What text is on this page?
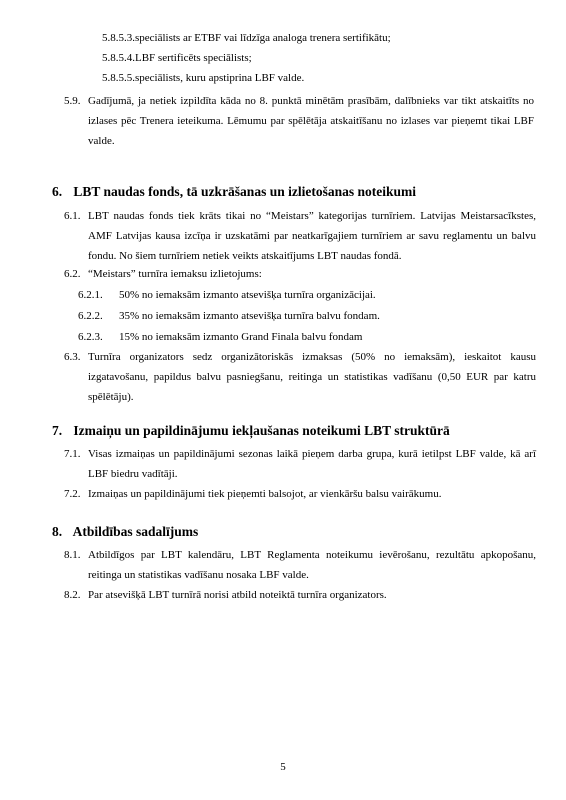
5.8.5.3.speciālists ar ETBF vai līdzīga analoga trenera sertifikātu;
5.8.5.4.LBF sertificēts speciālists;
5.8.5.5.speciālists, kuru apstiprina LBF valde.
5.9. Gadījumā, ja netiek izpildīta kāda no 8. punktā minētām prasībām, dalībnieks var tikt atskaitīts no izlases pēc Trenera ieteikuma. Lēmumu par spēlētāja atskaitīšanu no izlases var pieņemt tikai LBF valde.
6. LBT naudas fonds, tā uzkrāšanas un izlietošanas noteikumi
6.1. LBT naudas fonds tiek krāts tikai no “Meistars” kategorijas turnīriem. Latvijas Meistarsacīkstes, AMF Latvijas kausa izcīņa ir uzskatāmi par neatkarīgajiem turnīriem ar savu reglamentu un balvu fondu. No šiem turnīriem netiek veikts atskaitījums LBT naudas fondā.
6.2. “Meistars” turnīra iemaksu izlietojums:
6.2.1.	50% no iemaksām izmanto atsevišķa turnīra organizācijai.
6.2.2.	35% no iemaksām izmanto atsevišķa turnīra balvu fondam.
6.2.3.	15% no iemaksām izmanto Grand Finala balvu fondam
6.3. Turnīra organizators sedz organizātoriskās izmaksas (50% no iemaksām), ieskaitot kausu izgatavošanu, papildus balvu pasniegšanu, reitinga un statistikas vadīšanu (0,50 EUR par katru spēlētāju).
7. Izmaiņu un papildinājumu iekļaušanas noteikumi LBT struktūrā
7.1. Visas izmaiņas un papildinājumi sezonas laikā pieņem darba grupa, kurā ietilpst LBF valde, kā arī LBF biedru vadītāji.
7.2. Izmaiņas un papildinājumi tiek pieņemti balsojot, ar vienkāršu balsu vairākumu.
8. Atbildības sadalījums
8.1. Atbildīgos par LBT kalendāru, LBT Reglamenta noteikumu ievērošanu, rezultātu apkopošanu, reitinga un statistikas vadīšanu nosaka LBF valde.
8.2. Par atsevišķā LBT turnīrā norisi atbild noteiktā turnīra organizators.
5
